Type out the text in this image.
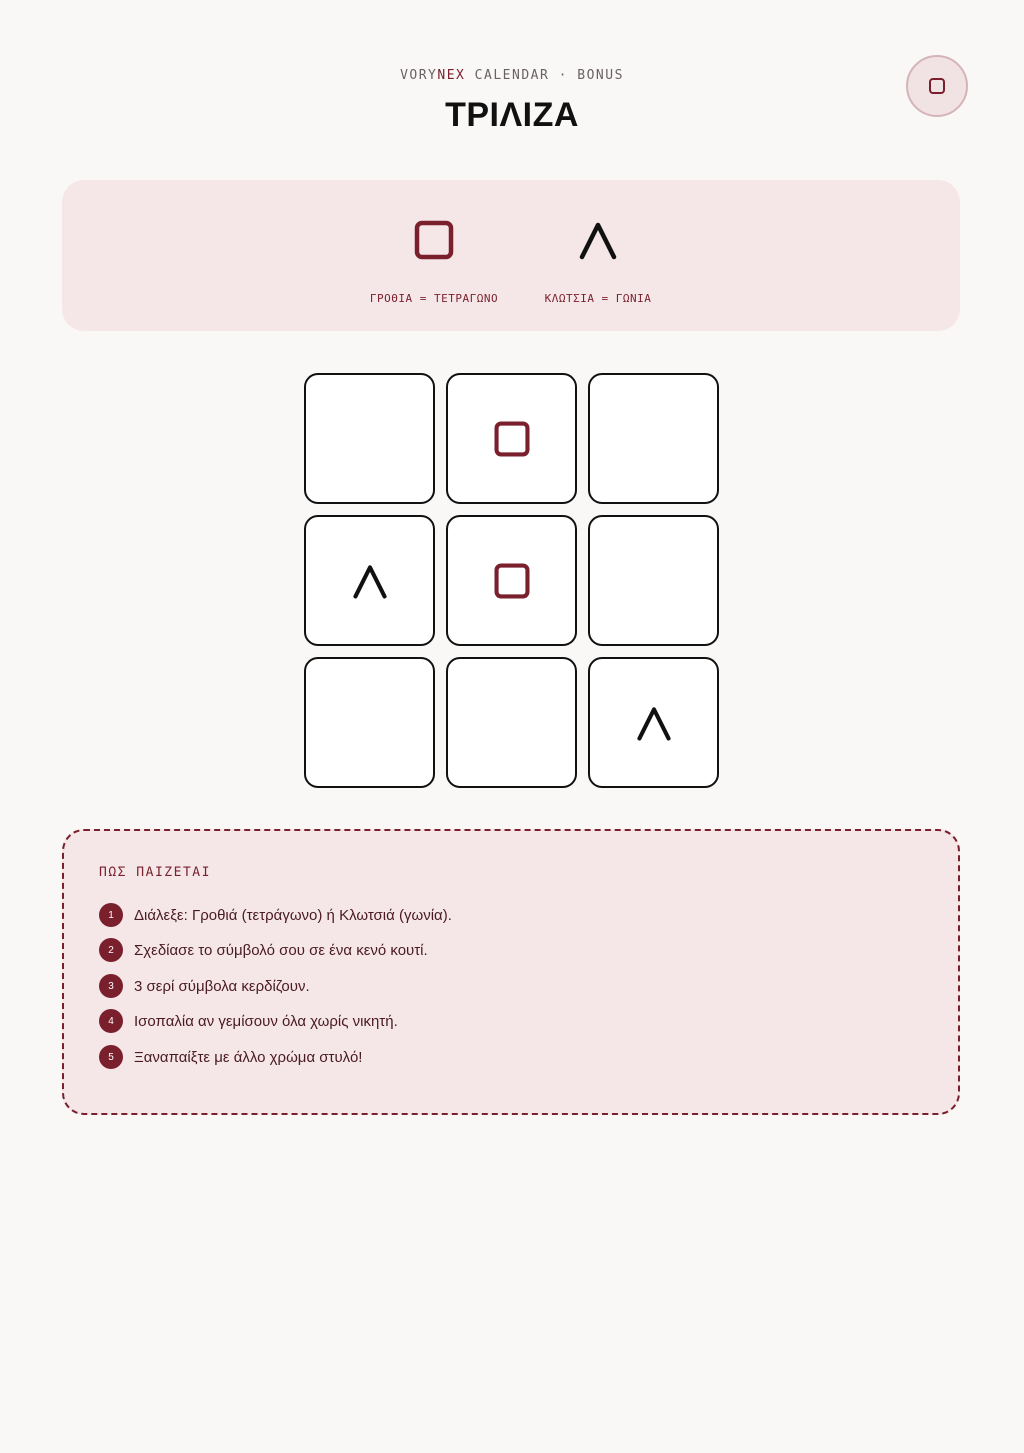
VORYNEX CALENDAR · BONUS
ΤΡΙΛΙΖΑ
ΓΡΟΘΙΑ = ΤΕΤΡΑΓΩΝΟ	ΚΛΩΤΣΙΑ = ΓΩΝΙΑ
ΠΩΣ ΠΑΙΖΕΤΑΙ
1	Διάλεξε: Γροθιά (τετράγωνο) ή Κλωτσιά (γωνία).
2	Σχεδίασε το σύμβολό σου σε ένα κενό κουτί.
3	3 σερί σύμβολα κερδίζουν.
4	Ισοπαλία αν γεμίσουν όλα χωρίς νικητή.
5	Ξαναπαίξτε με άλλο χρώμα στυλό!
